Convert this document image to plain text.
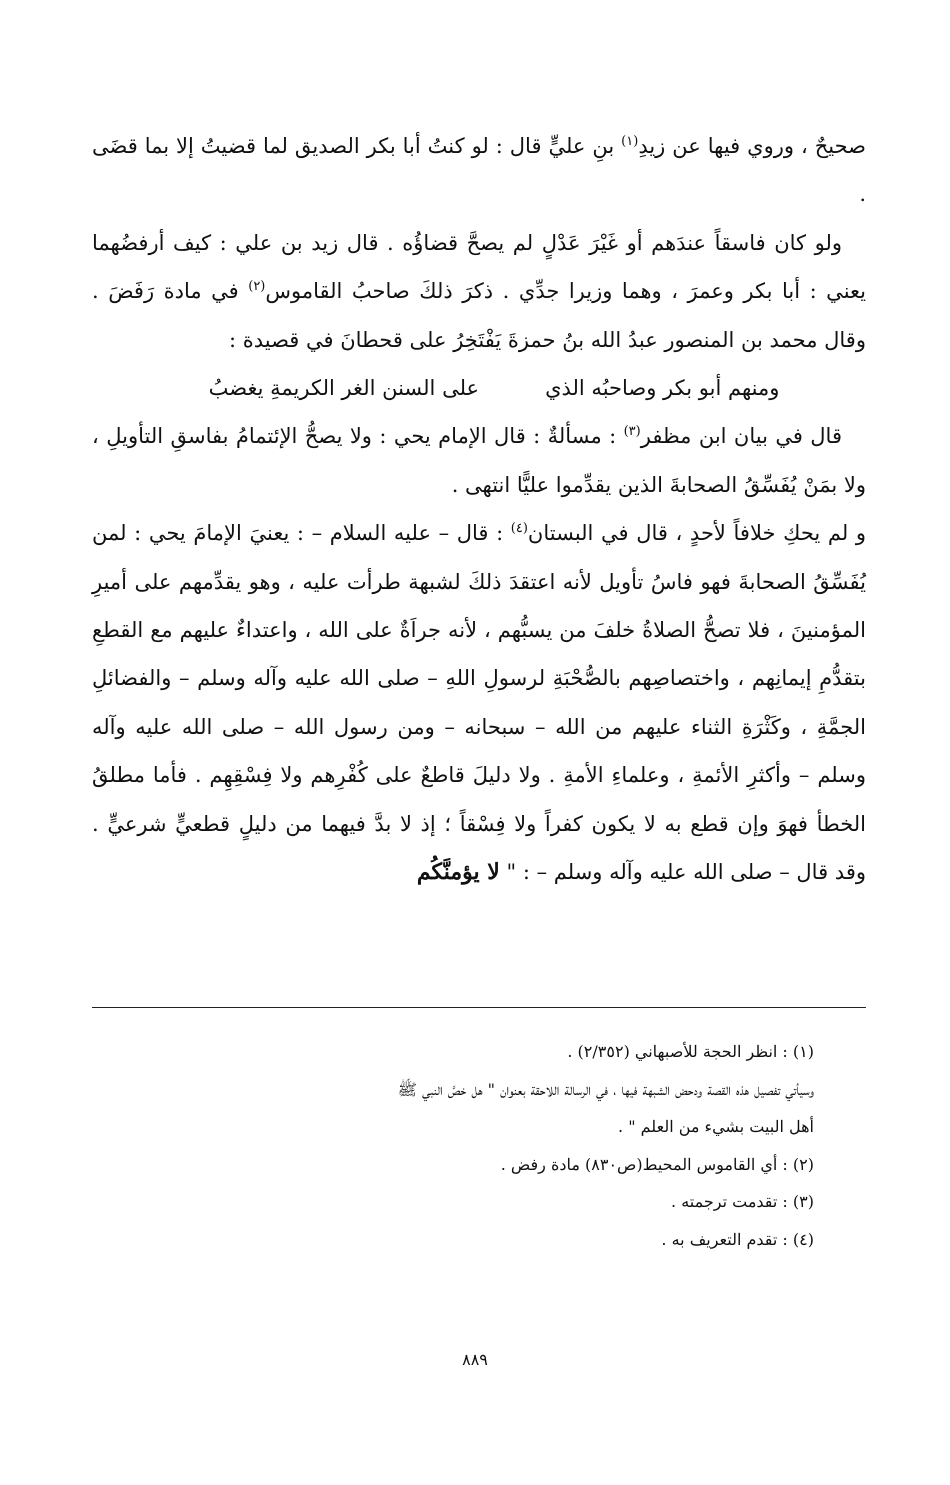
صحيحٌ ، وروي فيها عن زيدِ$^{(١)}$ بنِ عليٍّ قال : لو كنتُ أبا بكر الصديق لما قضيتُ إلا بما قضَى .

ولو كان فاسقاً عندَهم أو غَيْرَ عَدْلٍ لم يصحَّ قضاؤُه . قال زيد بن علي : كيف أرفضُهما يعني : أبا بكر وعمرَ ، وهما وزيرا جدِّي . ذكرَ ذلكَ صاحبُ القاموس$^{(٢)}$ في مادة رَفَضَ . وقال محمد بن المنصور عبدُ الله بنُ حمزةَ يَفْتَخِرُ على قحطانَ في قصيدة :

ومنهم أبو بكر وصاحبُه الذي
على السنن الغر الكريمةِ يغضبُ

قال في بيان ابن مظفر$^{(٣)}$ : مسألةٌ : قال الإمام يحي : ولا يصحُّ الإئتمامُ بفاسقِ التأويلِ ، ولا بمَنْ يُفَسِّقُ الصحابةَ الذين يقدِّموا عليًّا انتهى .

و لم يحكِ خلافاً لأحدٍ ، قال في البستان$^{(٤)}$ : قال – عليه السلام – : يعنيَ الإمامَ يحي : لمن يُفَسِّقُ الصحابةَ فهو فاسُ تأويل لأنه اعتقدَ ذلكَ لشبهة طرأت عليه ، وهو يقدِّمهم على أميرِ المؤمنينَ ، فلا تصحُّ الصلاةُ خلفَ من يسبُّهم ، لأنه جراَةٌ على الله ، واعتداءٌ عليهم مع القطعِ بتقدُّمِ إيمانِهم ، واختصاصِهم بالصُّحْبَةِ لرسولِ اللهِ – صلى الله عليه وآله وسلم – والفضائلِ الجمَّةِ ، وكَثْرَةِ الثناء عليهم من الله – سبحانه – ومن رسول الله – صلى الله عليه وآله وسلم – وأكثرِ الأئمةِ ، وعلماءِ الأمةِ . ولا دليلَ قاطعٌ على كُفْرِهم ولا فِسْقِهِم . فأما مطلقُ الخطأ فهوَ وإن قطع به لا يكون كفراً ولا فِسْقاً ؛ إذ لا بدَّ فيهما من دليلٍ قطعيٍّ شرعيٍّ . وقد قال – صلى الله عليه وآله وسلم – : " لا يؤمنَّكُم

(١) : انظر الحجة للأصبهاني (٢/٣٥٢) .

وسيأتي تفصيل هذه القصة ودحض الشبهة فيها ، في الرسالة اللاحقة بعنوان " هل خصَّ النبي ﷺ

أهل البيت بشيء من العلم " .

(٢) : أي القاموس المحيط(ص٨٣٠) مادة رفض .

(٣) : تقدمت ترجمته .

(٤) : تقدم التعريف به .

٨٨٩
